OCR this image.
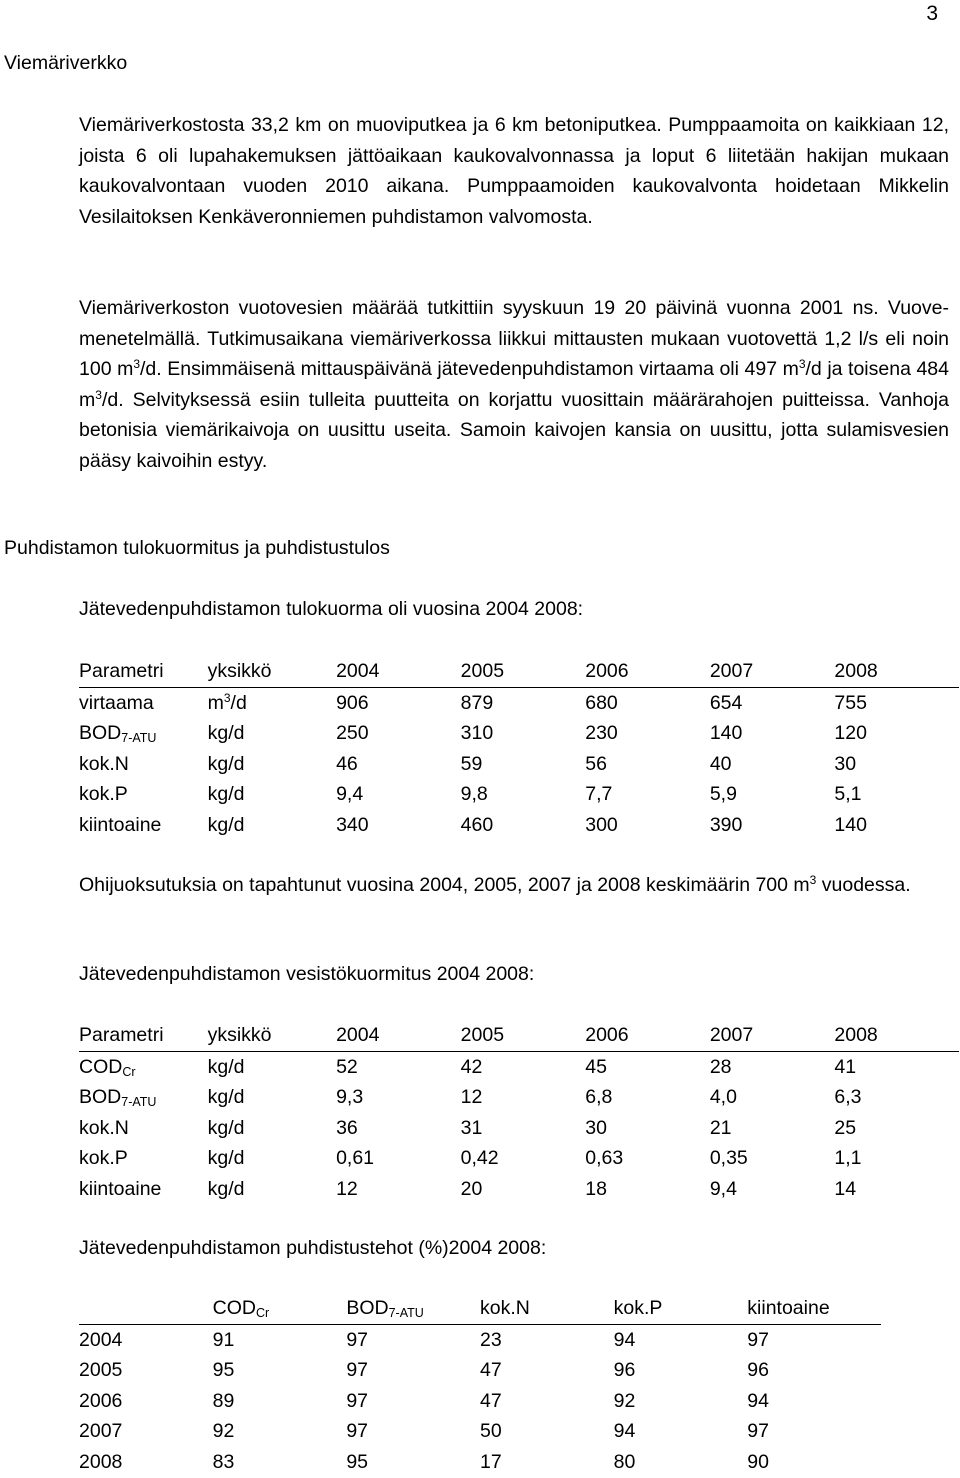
3
Viemäriverkko
Viemäriverkostosta 33,2 km on muoviputkea ja 6 km betoniputkea. Pumppaamoita on kaikkiaan 12, joista 6 oli lupahakemuksen jättöaikaan kaukovalvonnassa ja loput 6 liitetään hakijan mukaan kaukovalvontaan vuoden 2010 aikana. Pumppaamoiden kaukovalvonta hoidetaan Mikkelin Vesilaitoksen Kenkäveronniemen puhdistamon valvomosta.
Viemäriverkoston vuotovesien määrää tutkittiin syyskuun 19 20 päivinä vuonna 2001 ns. Vuove-menetelmällä. Tutkimusaikana viemäriverkossa liikkui mittausten mukaan vuotovettä 1,2 l/s eli noin 100 $m^3/d$. Ensimmäisenä mittauspäivänä jätevedenpuhdistamon virtaama oli 497 $m^3/d$ ja toisena 484 $m^3/d$. Selvityksessä esiin tulleita puutteita on korjattu vuosittain määrärahojen puitteissa. Vanhoja betonisia viemärikaivoja on uusittu useita. Samoin kaivojen kansia on uusittu, jotta sulamisvesien pääsy kaivoihin estyy.
Puhdistamon tulokuormitus ja puhdistustulos
Jätevedenpuhdistamon tulokuorma oli vuosina 2004 2008:
Parametri	yksikkö	2004	2005	2006	2007	2008
virtaama	$m^3/d$	906	879	680	654	755
$BOD_{7-ATU}$	kg/d	250	310	230	140	120
kok.N	kg/d	46	59	56	40	30
kok.P	kg/d	9,4	9,8	7,7	5,9	5,1
kiintoaine	kg/d	340	460	300	390	140
Ohijuoksutuksia on tapahtunut vuosina 2004, 2005, 2007 ja 2008 keskimäärin 700 $m^3$ vuodessa.
Jätevedenpuhdistamon vesistökuormitus 2004 2008:
Parametri	yksikkö	2004	2005	2006	2007	2008
$COD_{Cr}$	kg/d	52	42	45	28	41
$BOD_{7-ATU}$	kg/d	9,3	12	6,8	4,0	6,3
kok.N	kg/d	36	31	30	21	25
kok.P	kg/d	0,61	0,42	0,63	0,35	1,1
kiintoaine	kg/d	12	20	18	9,4	14
Jätevedenpuhdistamon puhdistustehot (%)2004 2008:
	$COD_{Cr}$	$BOD_{7-ATU}$	kok.N	kok.P	kiintoaine
2004	91	97	23	94	97
2005	95	97	47	96	96
2006	89	97	47	92	94
2007	92	97	50	94	97
2008	83	95	17	80	90
